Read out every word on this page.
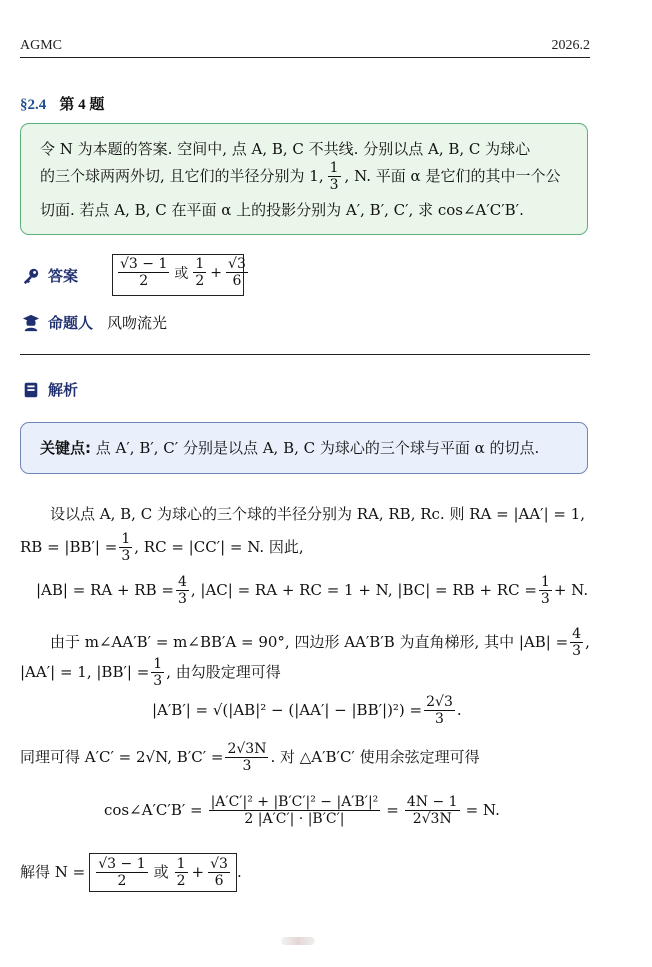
AGMC	2026.2
§2.4 第 4 题
令 N 为本题的答案. 空间中, 点 A, B, C 不共线. 分别以点 A, B, C 为球心
的三个球两两外切, 且它们的半径分别为 1, $\frac{1}{3}$ , N. 平面 α 是它们的其中一个公
切面. 若点 A, B, C 在平面 α 上的投影分别为 A′, B′, C′, 求 cos∠A′C′B′.
答案	$\frac{√3 - 1}{2}$ 或 $\frac{1}{2} + \frac{√3}{6}$
命题人 风吻流光
解析
关键点: 点 A′, B′, C′ 分别是以点 A, B, C 为球心的三个球与平面 α 的切点.
设以点 A, B, C 为球心的三个球的半径分别为 RA, RB, Rc. 则 RA = |AA′| = 1,
RB = $|BB'| = \frac{1}{3}$ , RC = |CC′| = N. 因此,
|AB| = RA + RB = $\frac{4}{3}$ , |AC| = RA + RC = 1 + N, |BC| = RB + RC = $\frac{1}{3} + N$.
由于 m∠AA′B′ = m∠BB′A = 90°, 四边形 AA′B′B 为直角梯形, 其中 $|AB| = \frac{4}{3}$ ,
|AA′| = 1, $|BB'| = \frac{1}{3}$ , 由勾股定理可得
$|A'B'| = √(|AB|^2 - (|AA'| - |BB'|)^2) = \frac{2√3}{3}$ .
同理可得 A′C′ = 2√N, $B'C' = \frac{2√3N}{3}$ . 对 △A′B′C′ 使用余弦定理可得
cos∠A′C′B′ = $\frac{\text{|A′C′|² + |B′C′|² − |A′B′|²}}{2 |A'C'| \cdot |B'C'|} = \frac{4N - 1}{2√3N} = N$.
解得 $N = \frac{√3 - 1}{2}$ 或 $\frac{1}{2} + \frac{√3}{6}$ .
